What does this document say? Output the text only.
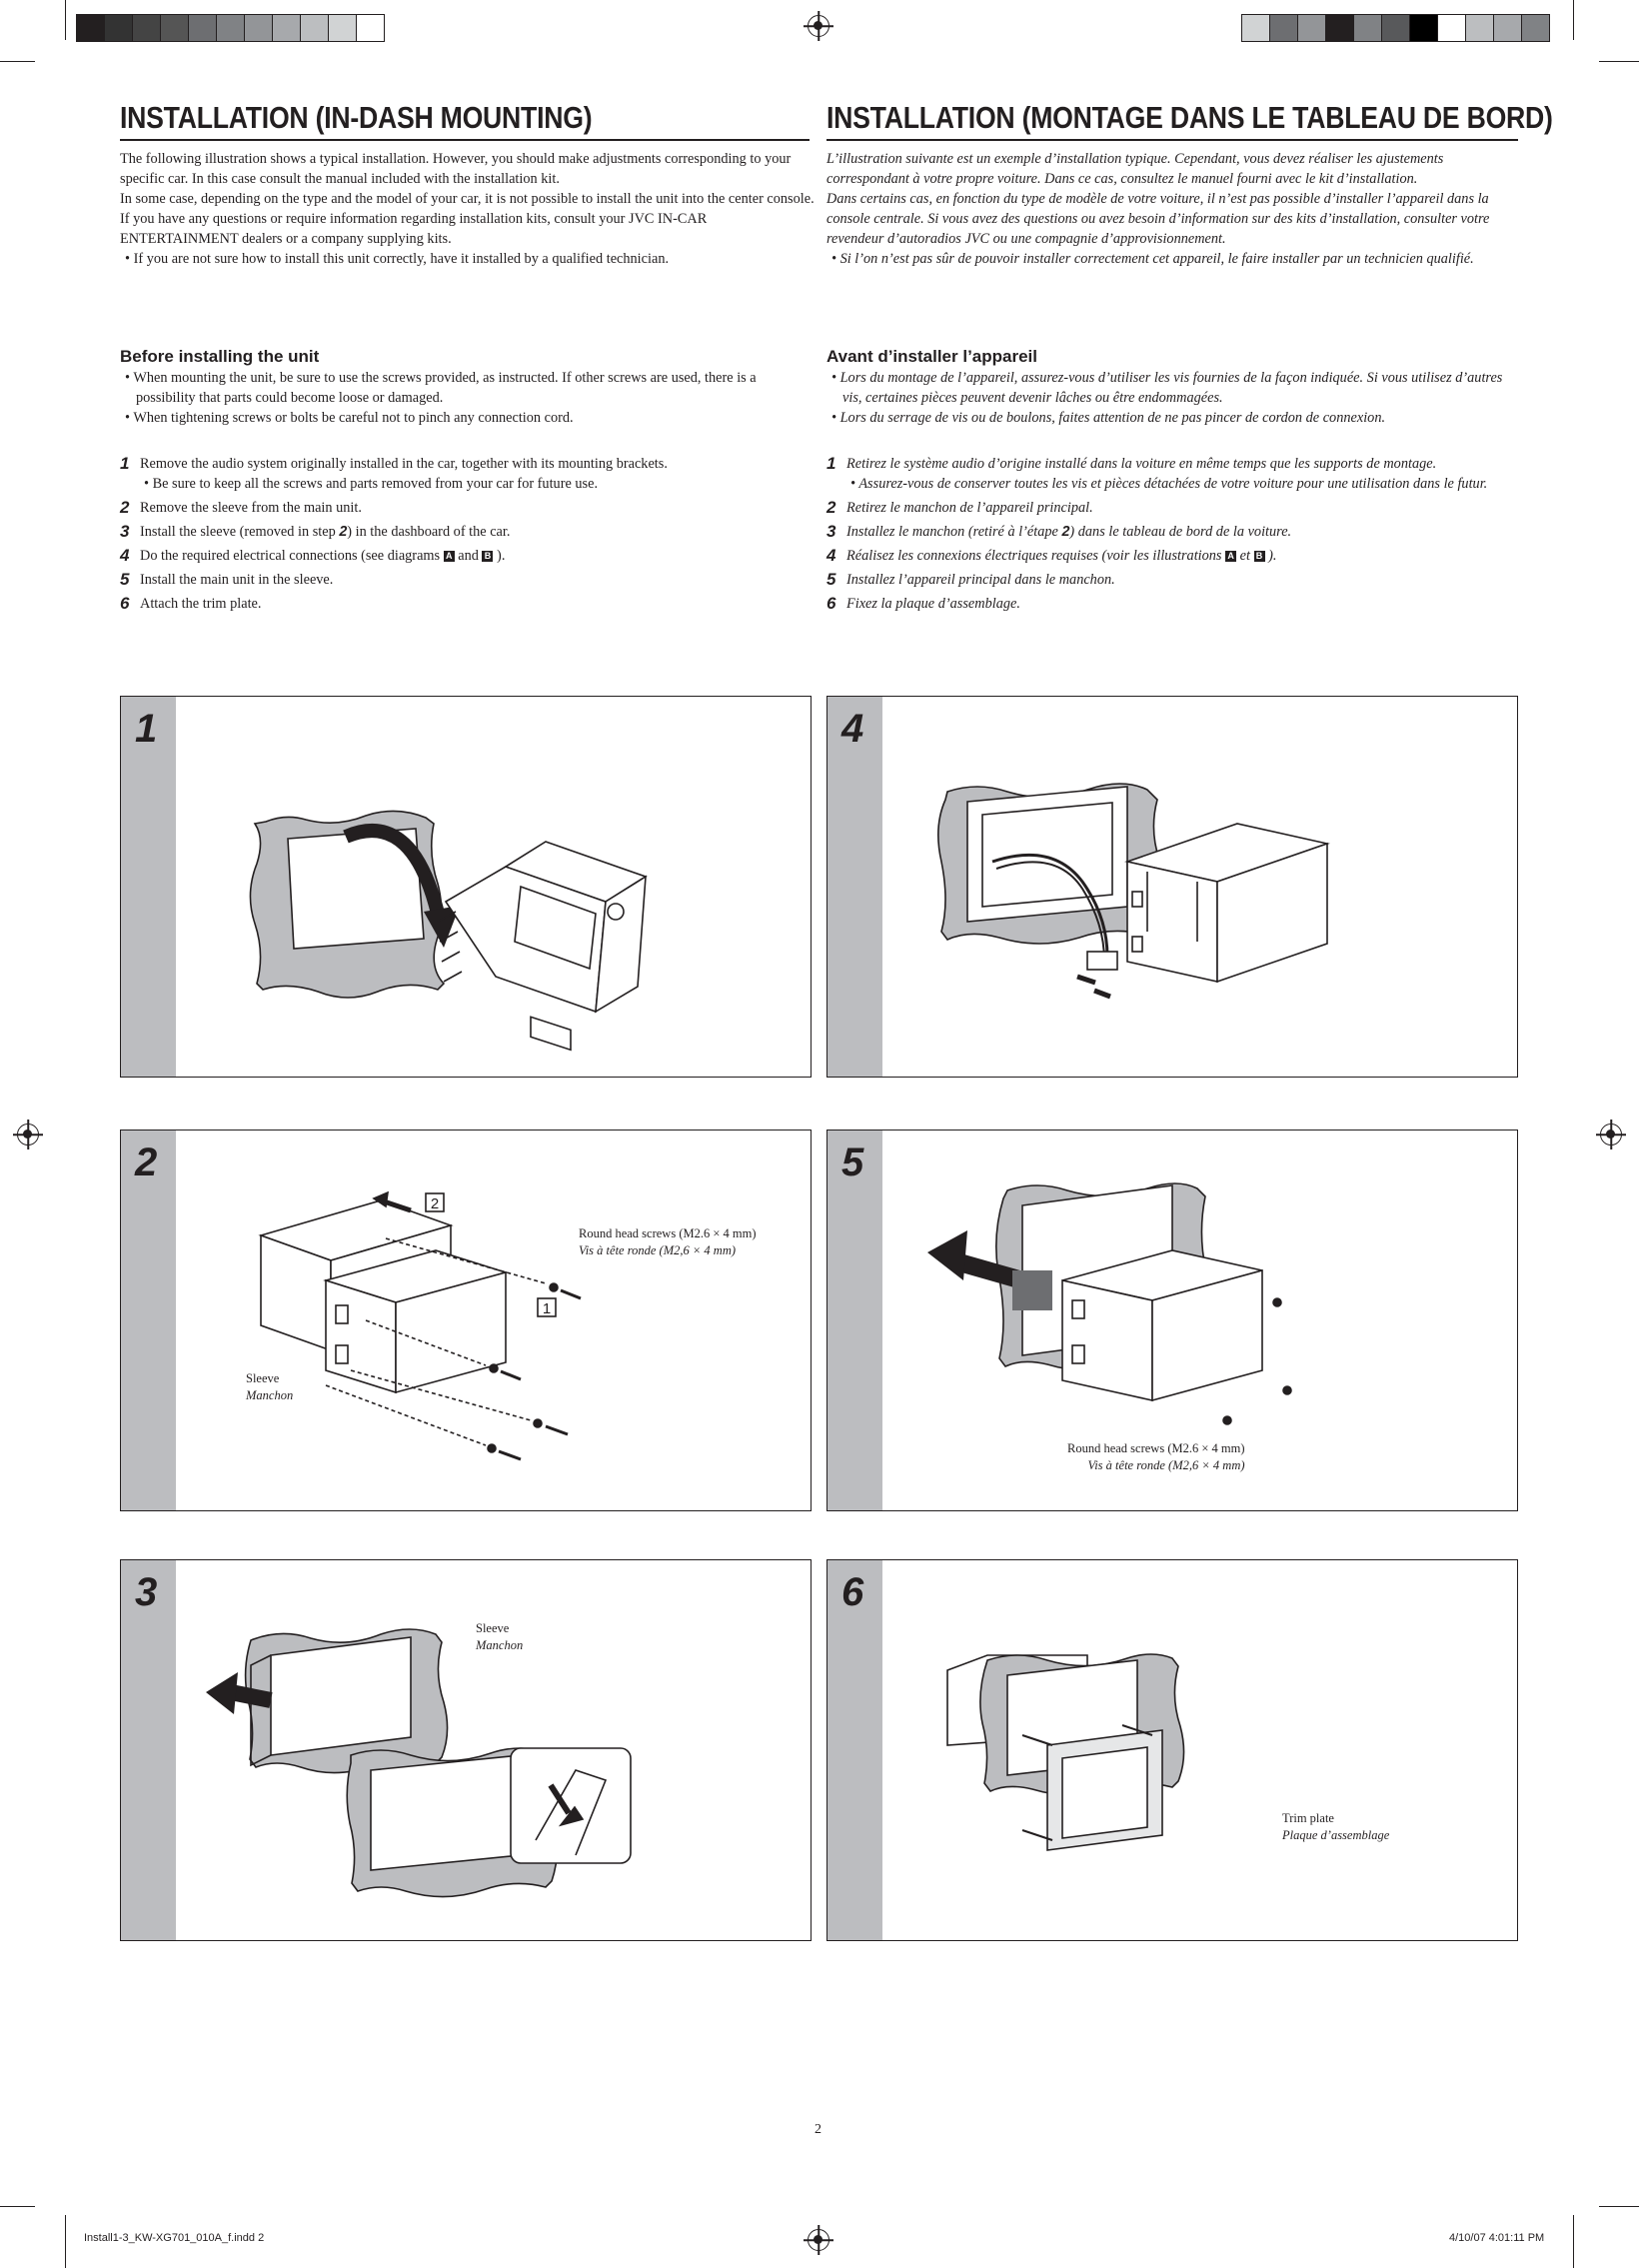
INSTALLATION (IN-DASH MOUNTING)

The following illustration shows a typical installation. However, you should make adjustments corresponding to your specific car. In this case consult the manual included with the installation kit.

In some case, depending on the type and the model of your car, it is not possible to install the unit into the center console. If you have any questions or require information regarding installation kits, consult your JVC IN-CAR ENTERTAINMENT dealers or a company supplying kits.

• If you are not sure how to install this unit correctly, have it installed by a qualified technician.

Before installing the unit

• When mounting the unit, be sure to use the screws provided, as instructed. If other screws are used, there is a possibility that parts could become loose or damaged.

• When tightening screws or bolts be careful not to pinch any connection cord.

1 Remove the audio system originally installed in the car, together with its mounting brackets.

• Be sure to keep all the screws and parts removed from your car for future use.

2 Remove the sleeve from the main unit.

3 Install the sleeve (removed in step 2) in the dashboard of the car.

4 Do the required electrical connections (see diagrams A and B ).

5 Install the main unit in the sleeve.

6 Attach the trim plate.

INSTALLATION (MONTAGE DANS LE TABLEAU DE BORD)

L’illustration suivante est un exemple d’installation typique. Cependant, vous devez réaliser les ajustements correspondant à votre propre voiture. Dans ce cas, consultez le manuel fourni avec le kit d’installation.

Dans certains cas, en fonction du type de modèle de votre voiture, il n’est pas possible d’installer l’appareil dans la console centrale. Si vous avez des questions ou avez besoin d’information sur des kits d’installation, consulter votre revendeur d’autoradios JVC ou une compagnie d’approvisionnement.

• Si l’on n’est pas sûr de pouvoir installer correctement cet appareil, le faire installer par un technicien qualifié.

Avant d’installer l’appareil

• Lors du montage de l’appareil, assurez-vous d’utiliser les vis fournies de la façon indiquée. Si vous utilisez d’autres vis, certaines pièces peuvent devenir lâches ou être endommagées.

• Lors du serrage de vis ou de boulons, faites attention de ne pas pincer de cordon de connexion.

1 Retirez le système audio d’origine installé dans la voiture en même temps que les supports de montage.

• Assurez-vous de conserver toutes les vis et pièces détachées de votre voiture pour une utilisation dans le futur.

2 Retirez le manchon de l’appareil principal.

3 Installez le manchon (retiré à l’étape 2) dans le tableau de bord de la voiture.

4 Réalisez les connexions électriques requises (voir les illustrations A et B ).

5 Installez l’appareil principal dans le manchon.

6 Fixez la plaque d’assemblage.

1	4
2
2
1
Round head screws (M2.6 × 4 mm)
Vis à tête ronde (M2,6 × 4 mm)
Sleeve
Manchon
5
Round head screws (M2.6 × 4 mm)
Vis à tête ronde (M2,6 × 4 mm)
3
Sleeve
Manchon
6
Trim plate
Plaque d’assemblage
2
Install1-3_KW-XG701_010A_f.indd 2	4/10/07 4:01:11 PM
